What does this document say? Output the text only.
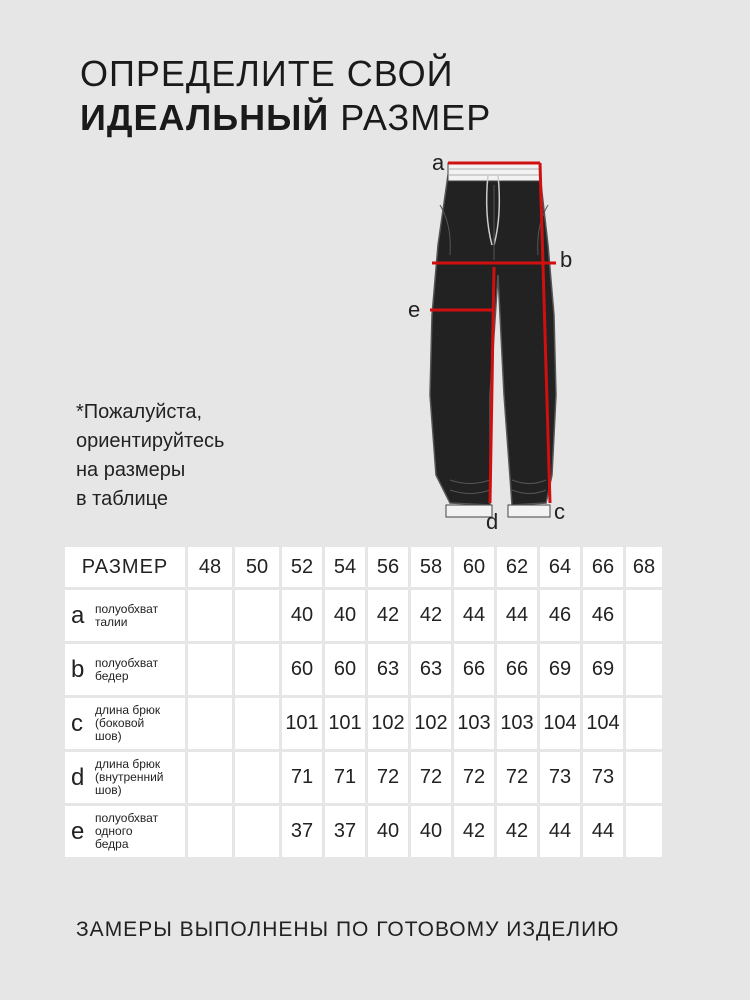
ОПРЕДЕЛИТЕ СВОЙ
ИДЕАЛЬНЫЙ РАЗМЕР
*Пожалуйста,
ориентируйтесь
на размеры
в таблице
a
b
e
c
d
РАЗМЕР	48	50	52	54	56	58	60	62	64	66	68

a полуобхват
талии			40	40	42	42	44	44	46	46	

b полуобхват
бедер			60	60	63	63	66	66	69	69	

c длина брюк
(боковой
шов)			101	101	102	102	103	103	104	104	

d длина брюк
(внутренний
шов)			71	71	72	72	72	72	73	73	

e полуобхват
одного
бедра			37	37	40	40	42	42	44	44	
ЗАМЕРЫ ВЫПОЛНЕНЫ ПО ГОТОВОМУ ИЗДЕЛИЮ
